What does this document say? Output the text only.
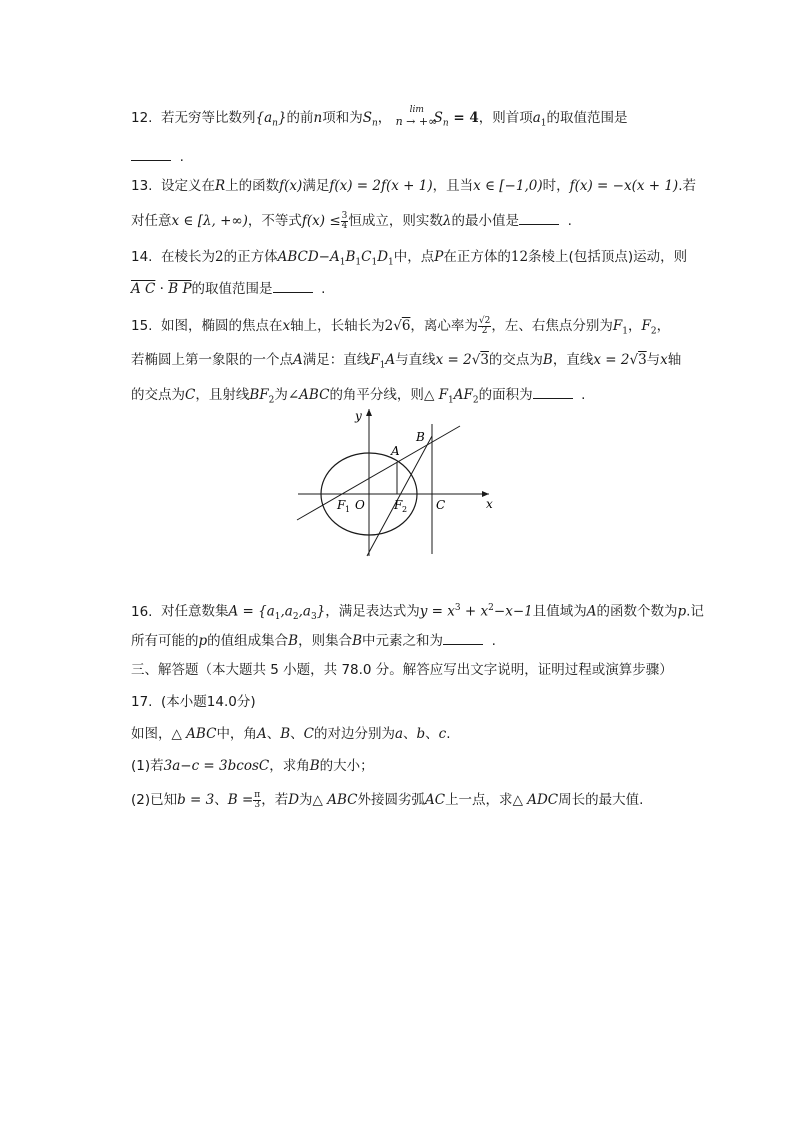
12. 若无穷等比数列$\{a_n\}$的前n项和为$S_n$， lim
n → +∞
$S_n = 4$，则首项$a_1$的取值范围是
.
13. 设定义在R上的函数f(x)满足f(x) = 2f(x + 1)，且当x ∈ [−1,0)时，f(x) = −x(x + 1).若
对任意x ∈ [λ, +∞)，不等式$f(x) \le \frac{3}{4}$ 恒成立，则实数λ的最小值是	.
14. 在棱长为2的正方体$ABCD-A_1B_1C_1D_1$中，点P在正方体的12条棱上(包括顶点)运动，则
A C · B P的取值范围是	.
15. 如图，椭圆的焦点在x轴上，长轴长为2√6，离心率为 $\frac{√2}{2}$ ，左、右焦点分别为$F_1$，$F_2$，
若椭圆上第一象限的一个点A满足：直线$F_1A$与直线x = 2√3的交点为B，直线x = 2√3与x轴
的交点为C，且射线$BF_2$为∠ABC的角平分线，则△ $F_1AF_2$的面积为	.
y
x
A
B
C
O
F 1	F 2
16. 对任意数集$A = \{a_1,a_2,a_3\}$，满足表达式为$y = x^3 + x^2-x-1$且值域为A的函数个数为p.记
所有可能的p的值组成集合B，则集合B中元素之和为	.
三、解答题（本大题共 5 小题，共 78.0 分。解答应写出文字说明，证明过程或演算步骤）
17. (本小题14.0分)
如图，△ ABC中，角A、B、C的对边分别为a、b、c.
(1)若3a−c = 3bcosC，求角B的大小；
(2)已知b = 3、$B = \frac{\pi}{3}$ ，若D为△ ABC外接圆劣弧AC上一点，求△ ADC周长的最大值.
